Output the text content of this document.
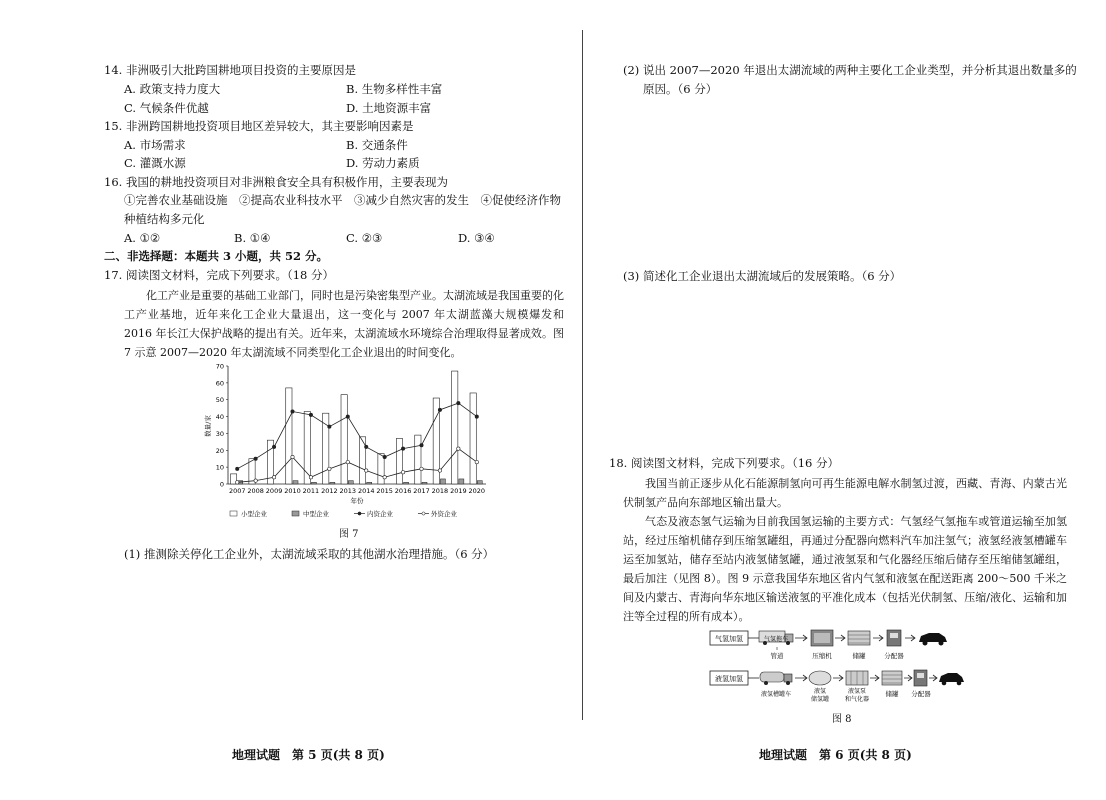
14. 非洲吸引大批跨国耕地项目投资的主要原因是
A. 政策支持力度大	B. 生物多样性丰富
C. 气候条件优越	D. 土地资源丰富
15. 非洲跨国耕地投资项目地区差异较大，其主要影响因素是
A. 市场需求	B. 交通条件
C. 灌溉水源	D. 劳动力素质
16. 我国的耕地投资项目对非洲粮食安全具有积极作用，主要表现为
①完善农业基础设施　②提高农业科技水平　③减少自然灾害的发生　④促使经济作物
种植结构多元化
A. ①②	B. ①④	C. ②③	D. ③④
二、非选择题：本题共 3 小题，共 52 分。
17. 阅读图文材料，完成下列要求。（18 分）
化工产业是重要的基础工业部门，同时也是污染密集型产业。太湖流域是我国重要的化工产业基地，近年来化工企业大量退出，这一变化与 2007 年太湖蓝藻大规模爆发和 2016 年长江大保护战略的提出有关。近年来，太湖流域水环境综合治理取得显著成效。图 7 示意 2007—2020 年太湖流域不同类型化工企业退出的时间变化。
0
10
20
30
40
50
60
70
数量/家
2007 2008 2009 2010 2011 2012 2013 2014 2015 2016 2017 2018 2019 2020
年份
小型企业	中型企业	内资企业	外资企业
图 7
(1) 推测除关停化工企业外，太湖流域采取的其他湖水治理措施。（6 分）
地理试题　第 5 页(共 8 页)
(2) 说出 2007—2020 年退出太湖流域的两种主要化工企业类型，并分析其退出数量多的
原因。（6 分）
(3) 简述化工企业退出太湖流域后的发展策略。（6 分）
18. 阅读图文材料，完成下列要求。（16 分）
我国当前正逐步从化石能源制氢向可再生能源电解水制氢过渡，西藏、青海、内蒙古光伏制氢产品向东部地区输出量大。
气态及液态氢气运输为目前我国氢运输的主要方式：气氢经气氢拖车或管道运输至加氢站，经过压缩机储存到压缩氢罐组，再通过分配器向燃料汽车加注氢气；液氢经液氢槽罐车运至加氢站，储存至站内液氢储氢罐，通过液氢泵和气化器经压缩后储存至压缩储氢罐组，最后加注（见图 8）。图 9 示意我国华东地区省内气氢和液氢在配送距离 200～500 千米之间及内蒙古、青海向华东地区输送液氢的平准化成本（包括光伏制氢、压缩/液化、运输和加注等全过程的所有成本）。
气氢加氢	气氢拖车
管道	压缩机	储罐	分配器
液氢加氢
液氢槽罐车	液氢
储氢罐
液氢泵
和气化器
储罐 分配器
图 8
地理试题　第 6 页(共 8 页)
